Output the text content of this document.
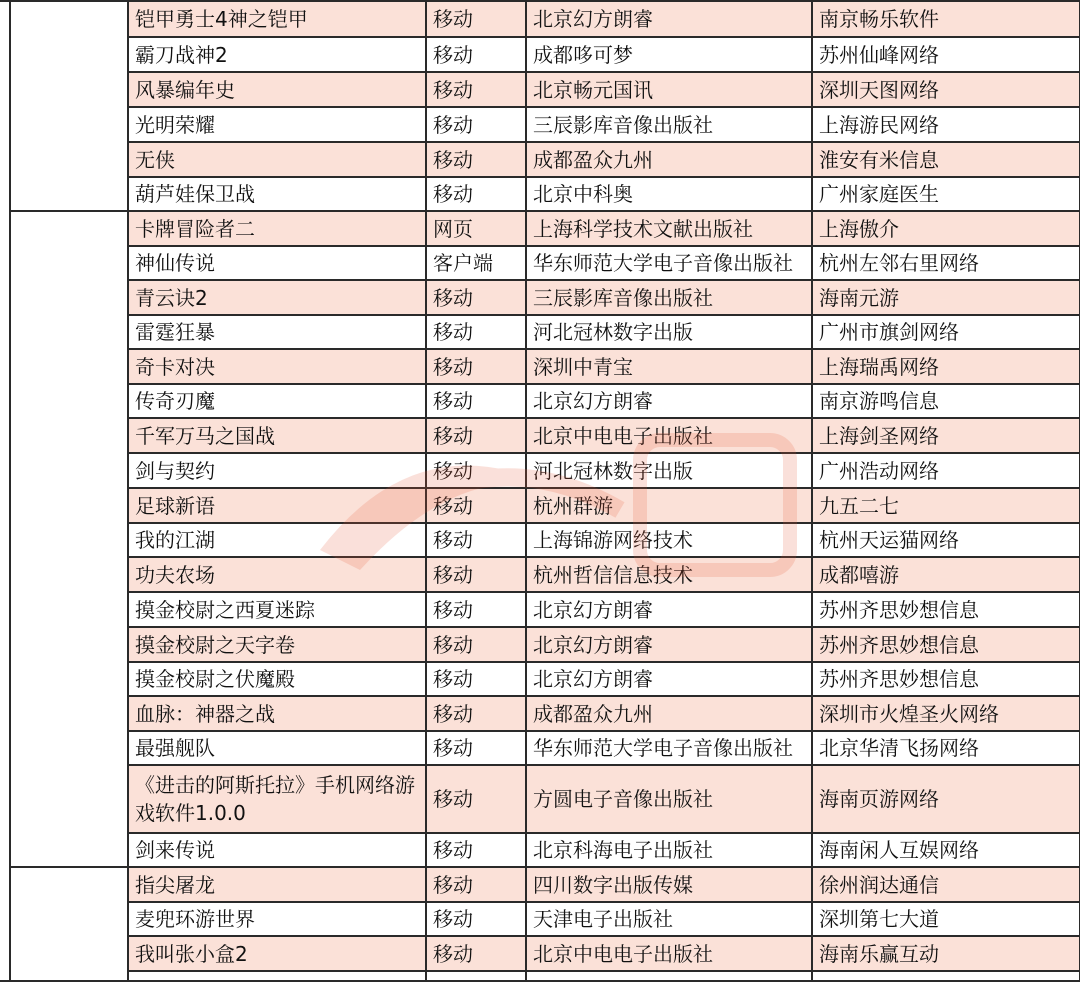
		铠甲勇士4神之铠甲	移动	北京幻方朗睿	南京畅乐软件
		霸刀战神2	移动	成都哆可梦	苏州仙峰网络
		风暴编年史	移动	北京畅元国讯	深圳天图网络
		光明荣耀	移动	三辰影库音像出版社	上海游民网络
		无侠	移动	成都盈众九州	淮安有米信息
		葫芦娃保卫战	移动	北京中科奥	广州家庭医生
		卡牌冒险者二	网页	上海科学技术文献出版社	上海傲介
		神仙传说	客户端	华东师范大学电子音像出版社	杭州左邻右里网络
		青云诀2	移动	三辰影库音像出版社	海南元游
		雷霆狂暴	移动	河北冠林数字出版	广州市旗剑网络
		奇卡对决	移动	深圳中青宝	上海瑞禹网络
		传奇刃魔	移动	北京幻方朗睿	南京游鸣信息
		千军万马之国战	移动	北京中电电子出版社	上海剑圣网络
		剑与契约	移动	河北冠林数字出版	广州浩动网络
		足球新语	移动	杭州群游	九五二七
		我的江湖	移动	上海锦游网络技术	杭州天运猫网络
		功夫农场	移动	杭州哲信信息技术	成都嘻游
		摸金校尉之西夏迷踪	移动	北京幻方朗睿	苏州齐思妙想信息
		摸金校尉之天字卷	移动	北京幻方朗睿	苏州齐思妙想信息
		摸金校尉之伏魔殿	移动	北京幻方朗睿	苏州齐思妙想信息
		血脉：神器之战	移动	成都盈众九州	深圳市火煌圣火网络
		最强舰队	移动	华东师范大学电子音像出版社	北京华清飞扬网络
		《进击的阿斯托拉》手机网络游戏软件1.0.0	移动	方圆电子音像出版社	海南页游网络
		剑来传说	移动	北京科海电子出版社	海南闲人互娱网络
		指尖屠龙	移动	四川数字出版传媒	徐州润达通信
		麦兜环游世界	移动	天津电子出版社	深圳第七大道
		我叫张小盒2	移动	北京中电电子出版社	海南乐赢互动
